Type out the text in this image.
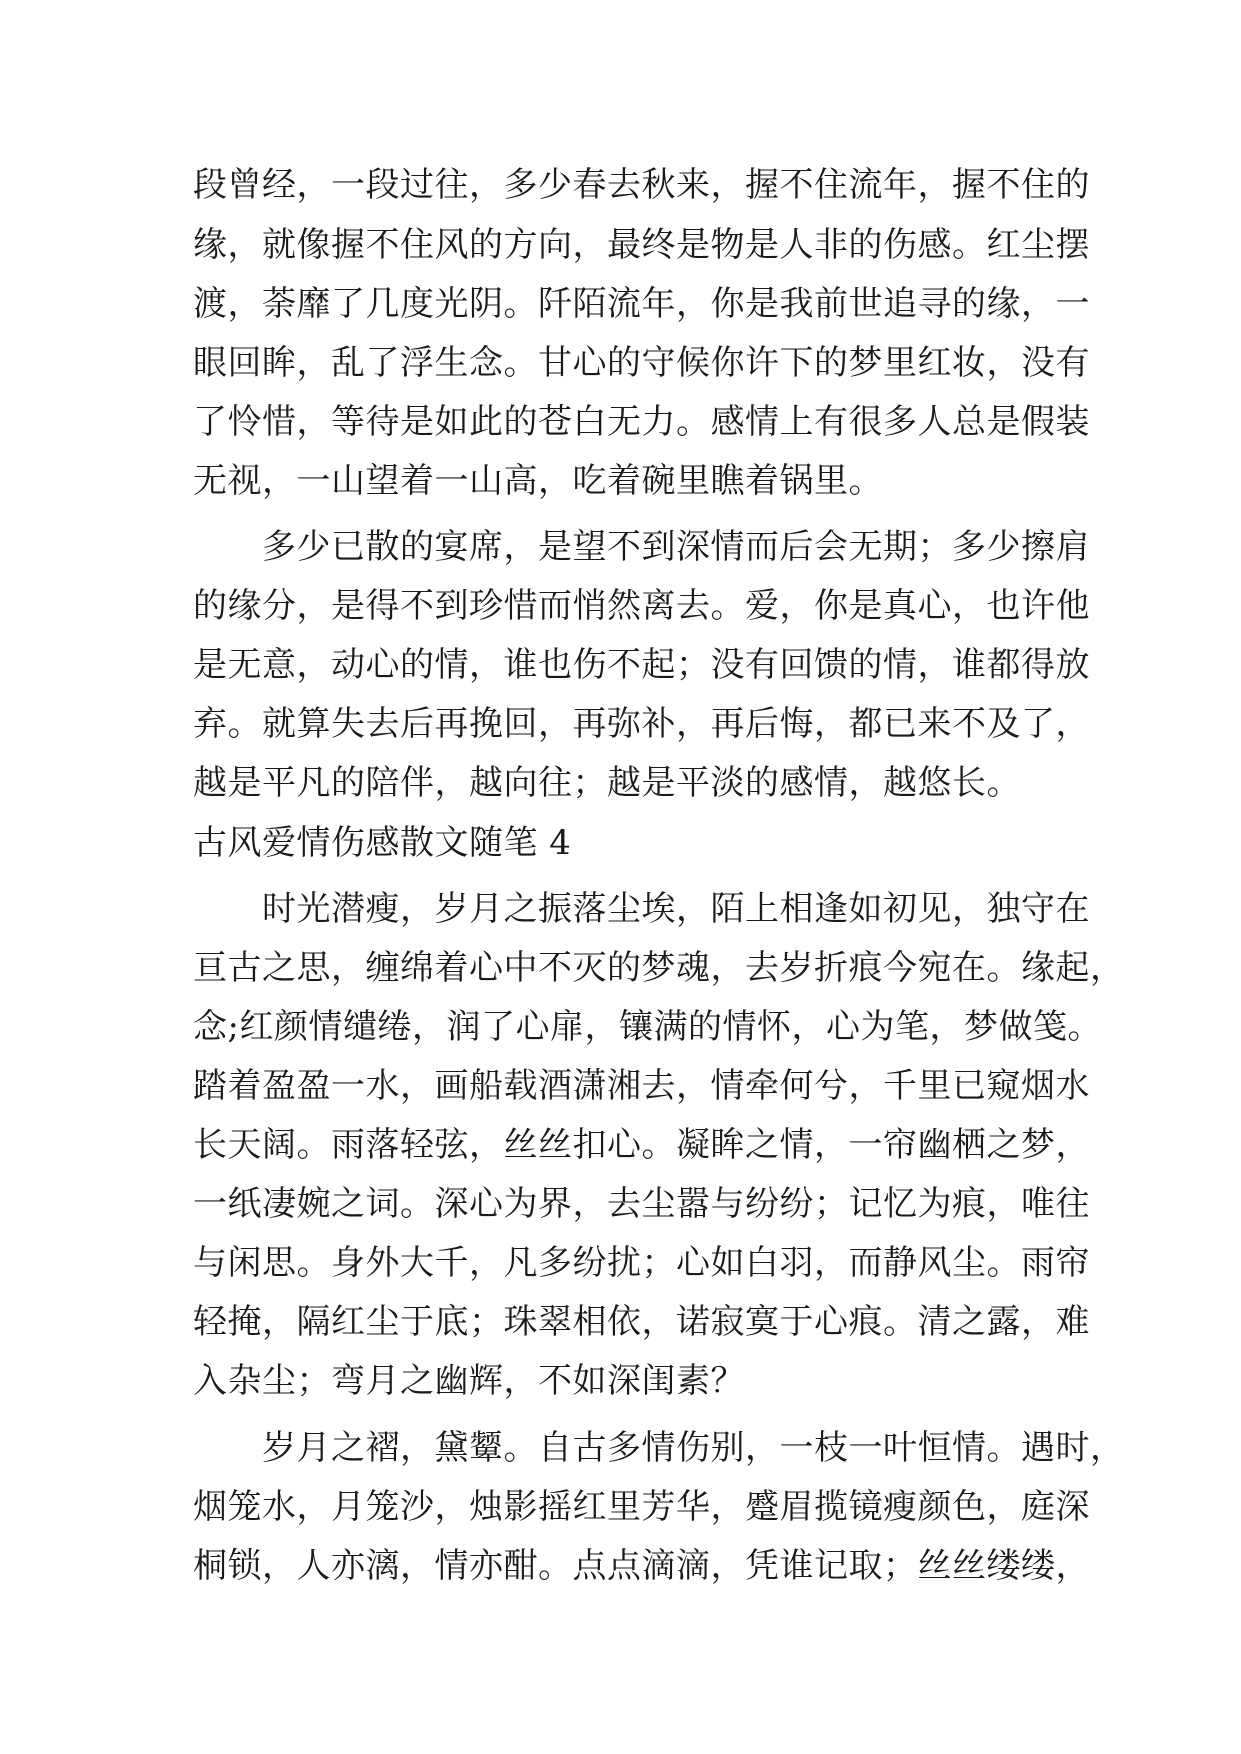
段曾经，一段过往，多少春去秋来，握不住流年，握不住的
缘，就像握不住风的方向，最终是物是人非的伤感。红尘摆
渡，荼靡了几度光阴。阡陌流年，你是我前世追寻的缘，一
眼回眸，乱了浮生念。甘心的守候你许下的梦里红妆，没有
了怜惜，等待是如此的苍白无力。感情上有很多人总是假装
无视，一山望着一山高，吃着碗里瞧着锅里。
多少已散的宴席，是望不到深情而后会无期；多少擦肩
的缘分，是得不到珍惜而悄然离去。爱，你是真心，也许他
是无意，动心的情，谁也伤不起；没有回馈的情，谁都得放
弃。就算失去后再挽回，再弥补，再后悔，都已来不及了，
越是平凡的陪伴，越向往；越是平淡的感情，越悠长。
古风爱情伤感散文随笔 4
时光潜瘦，岁月之振落尘埃，陌上相逢如初见，独守在
亘古之思，缠绵着心中不灭的梦魂，去岁折痕今宛在。缘起，
念;红颜情缱绻，润了心扉，镶满的情怀，心为笔，梦做笺。
踏着盈盈一水，画船载酒潇湘去，情牵何兮，千里已窥烟水
长天阔。雨落轻弦，丝丝扣心。凝眸之情，一帘幽栖之梦，
一纸凄婉之词。深心为界，去尘嚣与纷纷；记忆为痕，唯往
与闲思。身外大千，凡多纷扰；心如白羽，而静风尘。雨帘
轻掩，隔红尘于底；珠翠相依，诺寂寞于心痕。清之露，难
入杂尘；弯月之幽辉，不如深闺素？
岁月之褶，黛颦。自古多情伤别，一枝一叶恒情。遇时，
烟笼水，月笼沙，烛影摇红里芳华，蹙眉揽镜瘦颜色，庭深
桐锁，人亦漓，情亦酣。点点滴滴，凭谁记取；丝丝缕缕，
